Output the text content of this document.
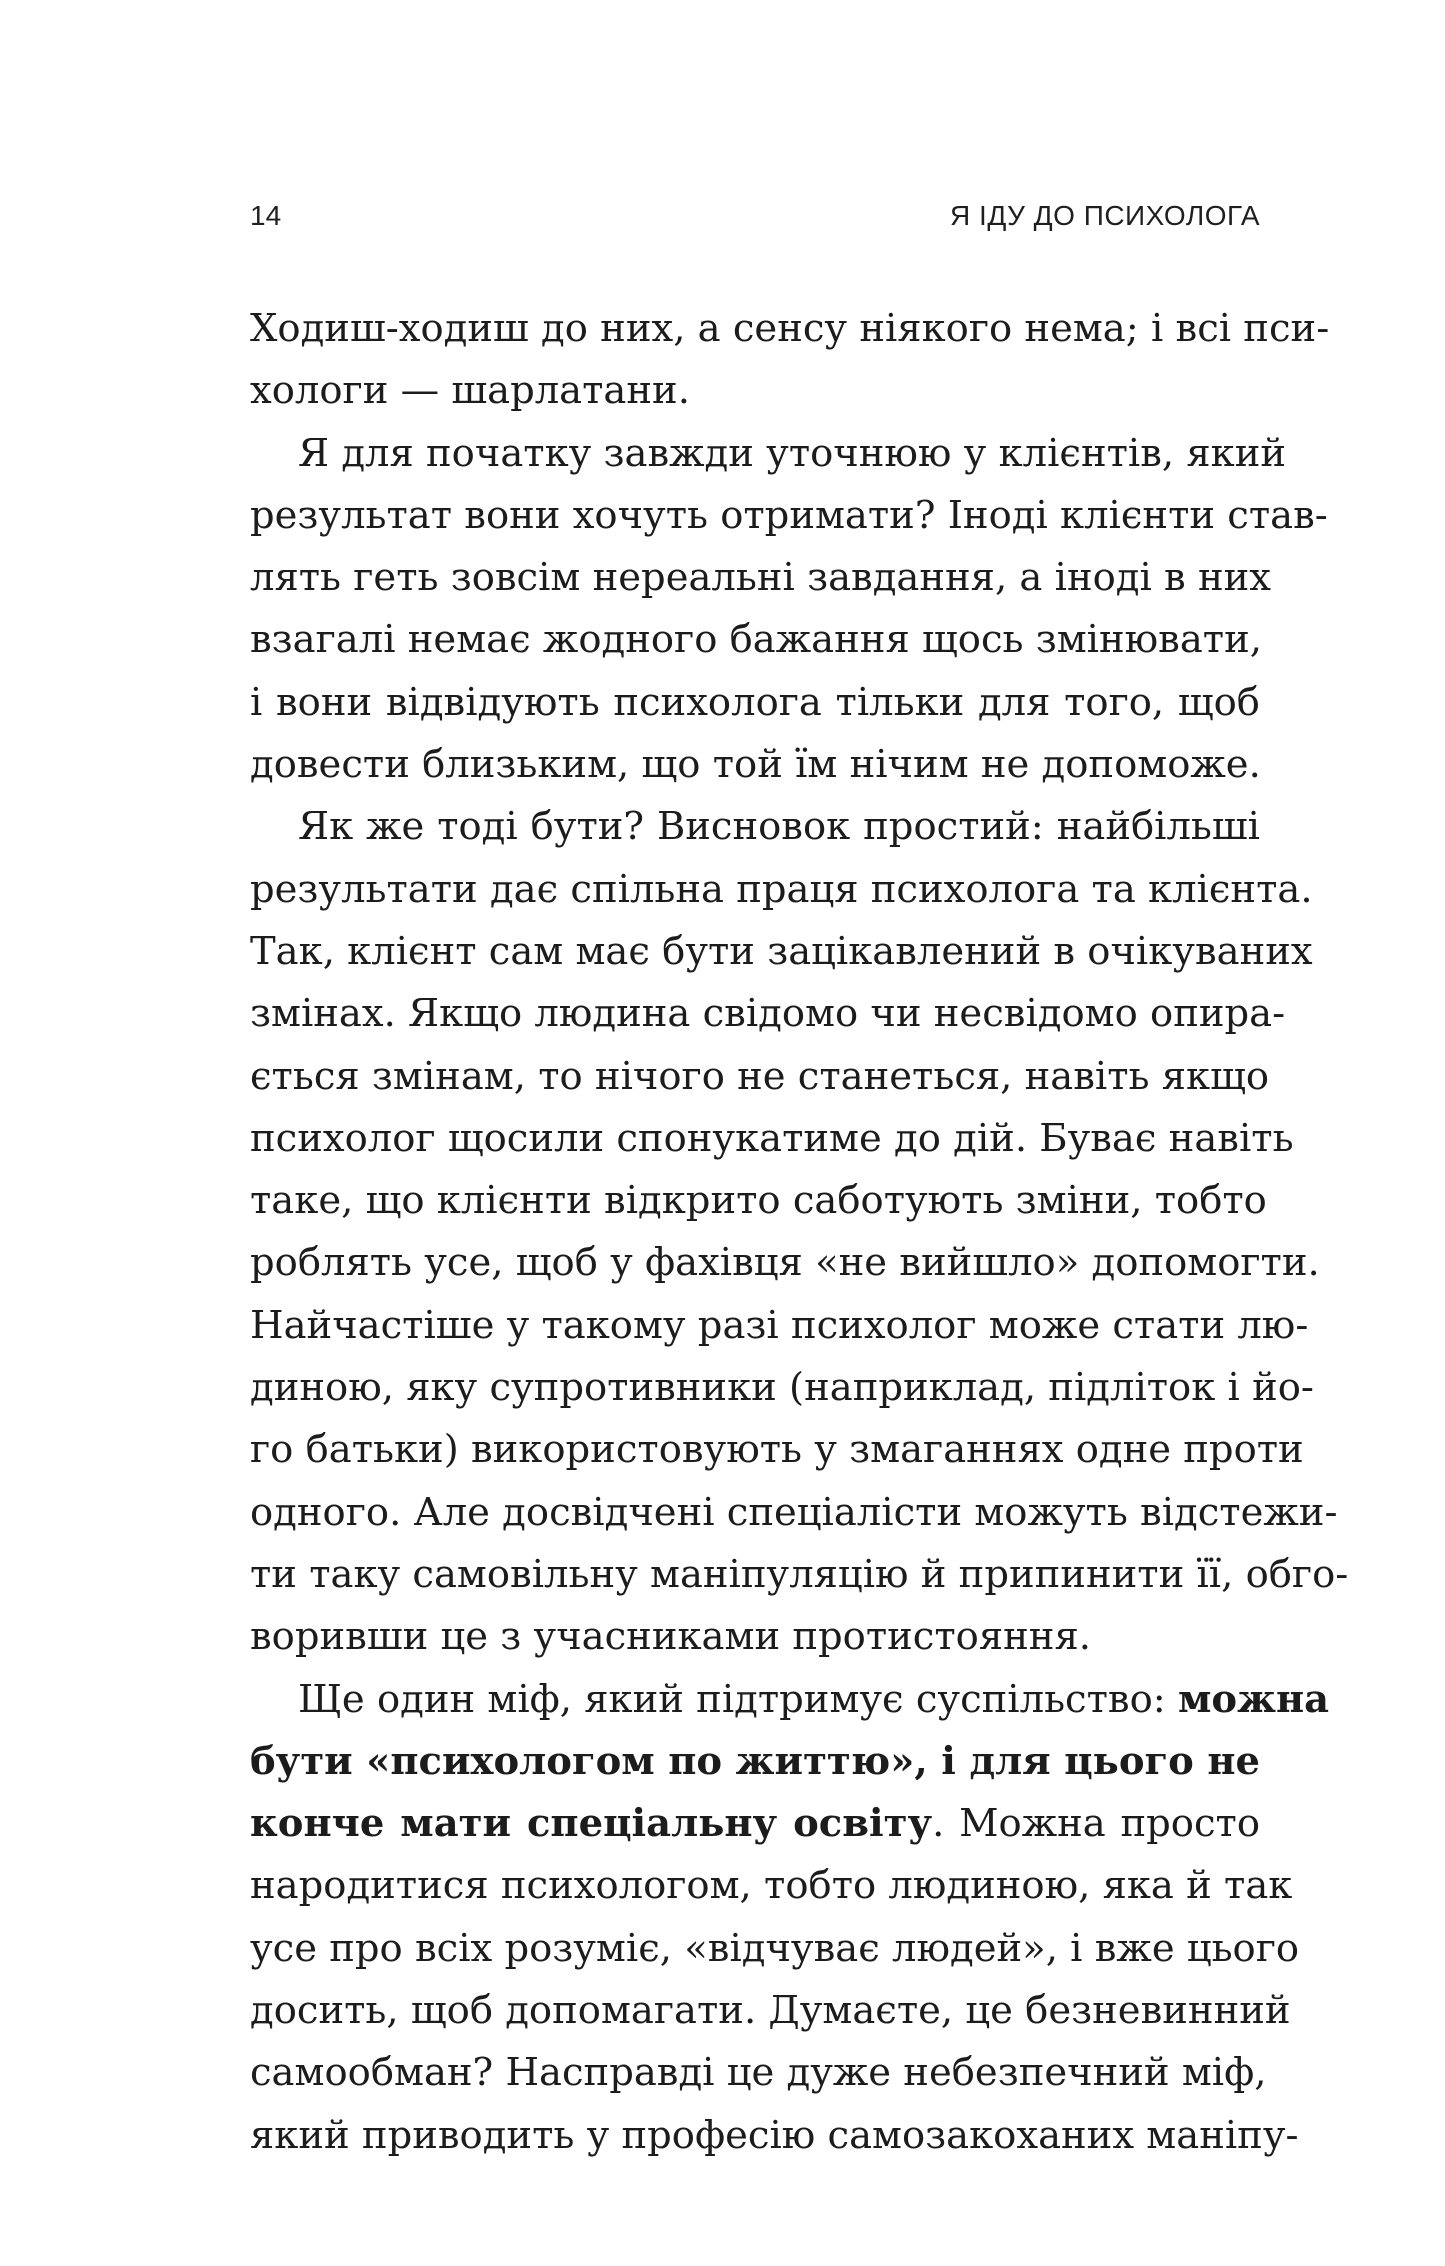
14	Я ІДУ ДО ПСИХОЛОГА
Ходиш-ходиш до них, а сенсу ніякого нема; і всі пси-
хологи — шарлатани.
Я для початку завжди уточнюю у клієнтів, який
результат вони хочуть отримати? Іноді клієнти став-
лять геть зовсім нереальні завдання, а іноді в них
взагалі немає жодного бажання щось змінювати,
і вони відвідують психолога тільки для того, щоб
довести близьким, що той їм нічим не допоможе.
Як же тоді бути? Висновок простий: найбільші
результати дає спільна праця психолога та клієнта.
Так, клієнт сам має бути зацікавлений в очікуваних
змінах. Якщо людина свідомо чи несвідомо опира-
ється змінам, то нічого не станеться, навіть якщо
психолог щосили спонукатиме до дій. Буває навіть
таке, що клієнти відкрито саботують зміни, тобто
роблять усе, щоб у фахівця «не вийшло» допомогти.
Найчастіше у такому разі психолог може стати лю-
диною, яку супротивники (наприклад, підліток і йо-
го батьки) використовують у змаганнях одне проти
одного. Але досвідчені спеціалісти можуть відстежи-
ти таку самовільну маніпуляцію й припинити її, обго-
воривши це з учасниками протистояння.
Ще один міф, який підтримує суспільство: можна
бути «психологом по життю», і для цього не
конче мати спеціальну освіту. Можна просто
народитися психологом, тобто людиною, яка й так
усе про всіх розуміє, «відчуває людей», і вже цього
досить, щоб допомагати. Думаєте, це безневинний
самообман? Насправді це дуже небезпечний міф,
який приводить у професію самозакоханих маніпу-
